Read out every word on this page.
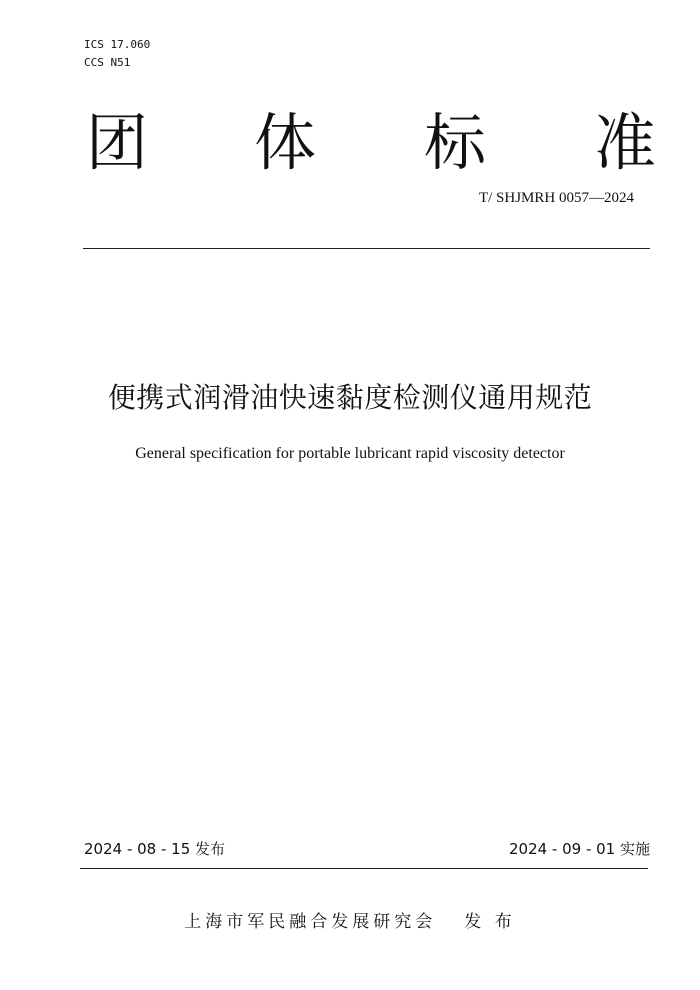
ICS 17.060
CCS N51
团 体 标 准
T/ SHJMRH 0057—2024
便携式润滑油快速黏度检测仪通用规范
General specification for portable lubricant rapid viscosity detector
2024 - 08 - 15 发布	2024 - 09 - 01 实施
上海市军民融合发展研究会 发 布
